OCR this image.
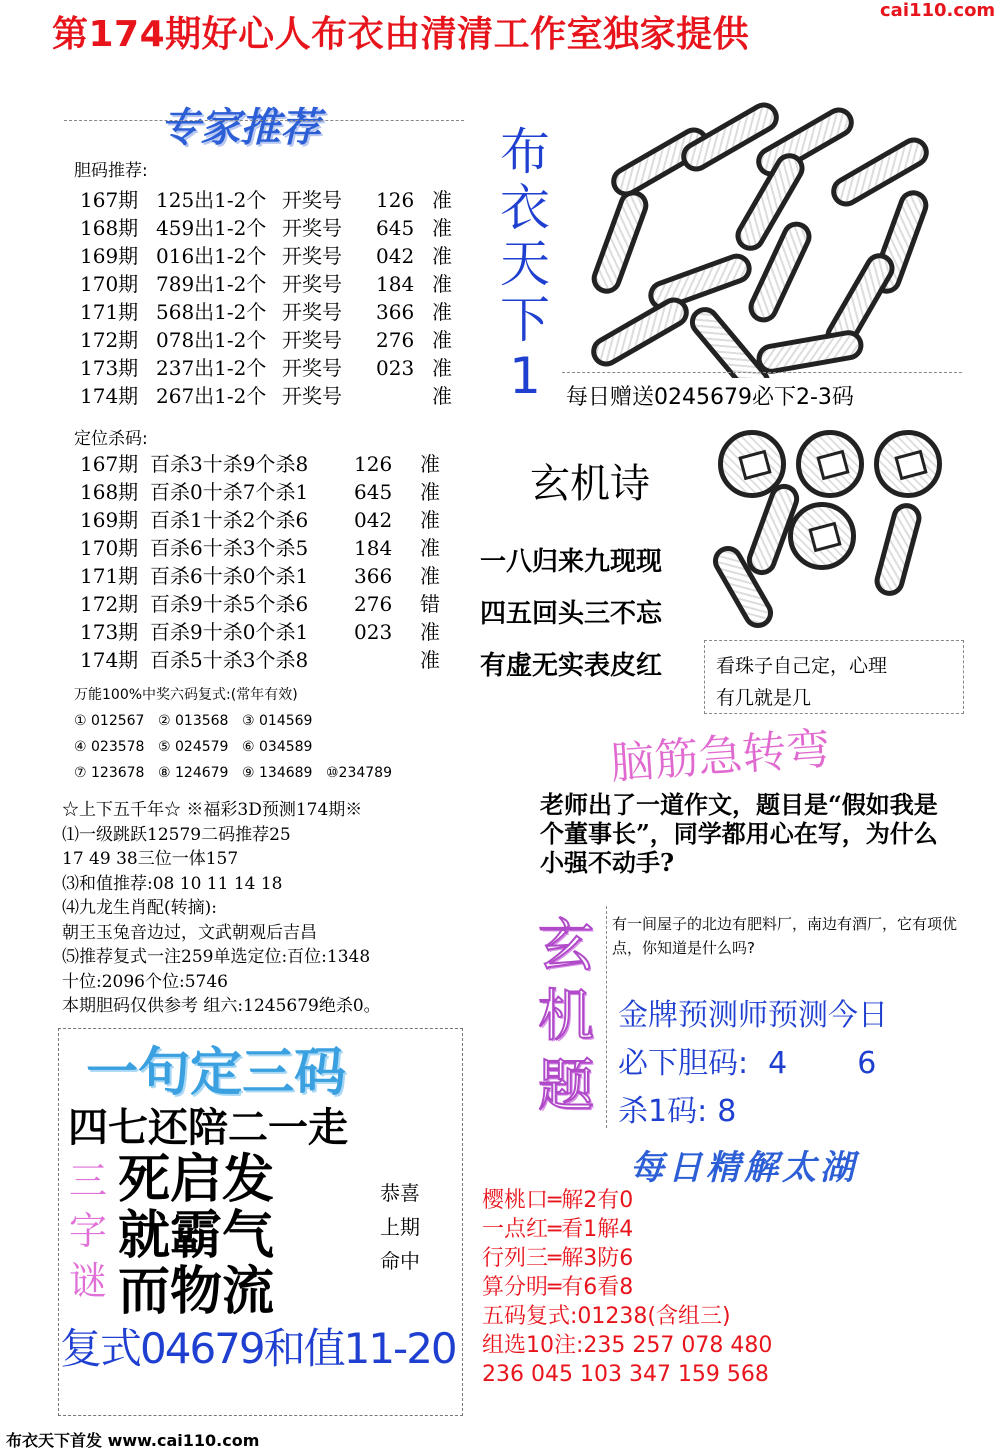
第174期好心人布衣由清清工作室独家提供
cai110.com
专家推荐
胆码推荐:
167期 125出1-2个 开奖号	126 准
168期 459出1-2个 开奖号	645 准
169期 016出1-2个 开奖号	042 准
170期 789出1-2个 开奖号	184 准
171期 568出1-2个 开奖号	366 准
172期 078出1-2个 开奖号	276 准
173期 237出1-2个 开奖号	023 准
174期 267出1-2个 开奖号	准
定位杀码:
167期 百杀3十杀9个杀8	126	准
168期 百杀0十杀7个杀1	645	准
169期 百杀1十杀2个杀6	042	准
170期 百杀6十杀3个杀5	184	准
171期 百杀6十杀0个杀1	366	准
172期 百杀9十杀5个杀6	276	错
173期 百杀9十杀0个杀1	023	准
174期 百杀5十杀3个杀8	准
万能100%中奖六码复式:(常年有效)
① 012567 ② 013568 ③ 014569
④ 023578 ⑤ 024579 ⑥ 034589
⑦ 123678 ⑧ 124679 ⑨ 134689 ⑩234789
布
衣
天
下
1	每日赠送0245679必下2-3码
玄机诗
一八归来九现现
四五回头三不忘
有虚无实表皮红	看珠子自己定，心理
有几就是几
☆上下五千年☆ ※福彩3D预测174期※
⑴一级跳跃12579二码推荐25
17 49 38三位一体157
⑶和值推荐:08 10 11 14 18
⑷九龙生肖配(转摘):
朝王玉兔音边过，文武朝观后吉昌
⑸推荐复式一注259单选定位:百位:1348
十位:2096个位:5746
本期胆码仅供参考 组六:1245679绝杀0。
脑筋急转弯
老师出了一道作文，题目是“假如我是个董事长”，同学都用心在写，为什么小强不动手?
玄
机
题
有一间屋子的北边有肥料厂，南边有酒厂，它有项优点，你知道是什么吗?
金牌预测师预测今日
必下胆码: 4 6
杀1码: 8
一句定三码
四七还陪二一走
三
字
谜
死启发
就霸气
而物流
恭喜
上期
命中
复式04679和值11-20
每日精解太湖
樱桃口═解2有0
一点红═看1解4
行列三═解3防6
算分明═有6看8
五码复式:01238(含组三)
组选10注:235 257 078 480
236 045 103 347 159 568
布衣天下首发 www.cai110.com
